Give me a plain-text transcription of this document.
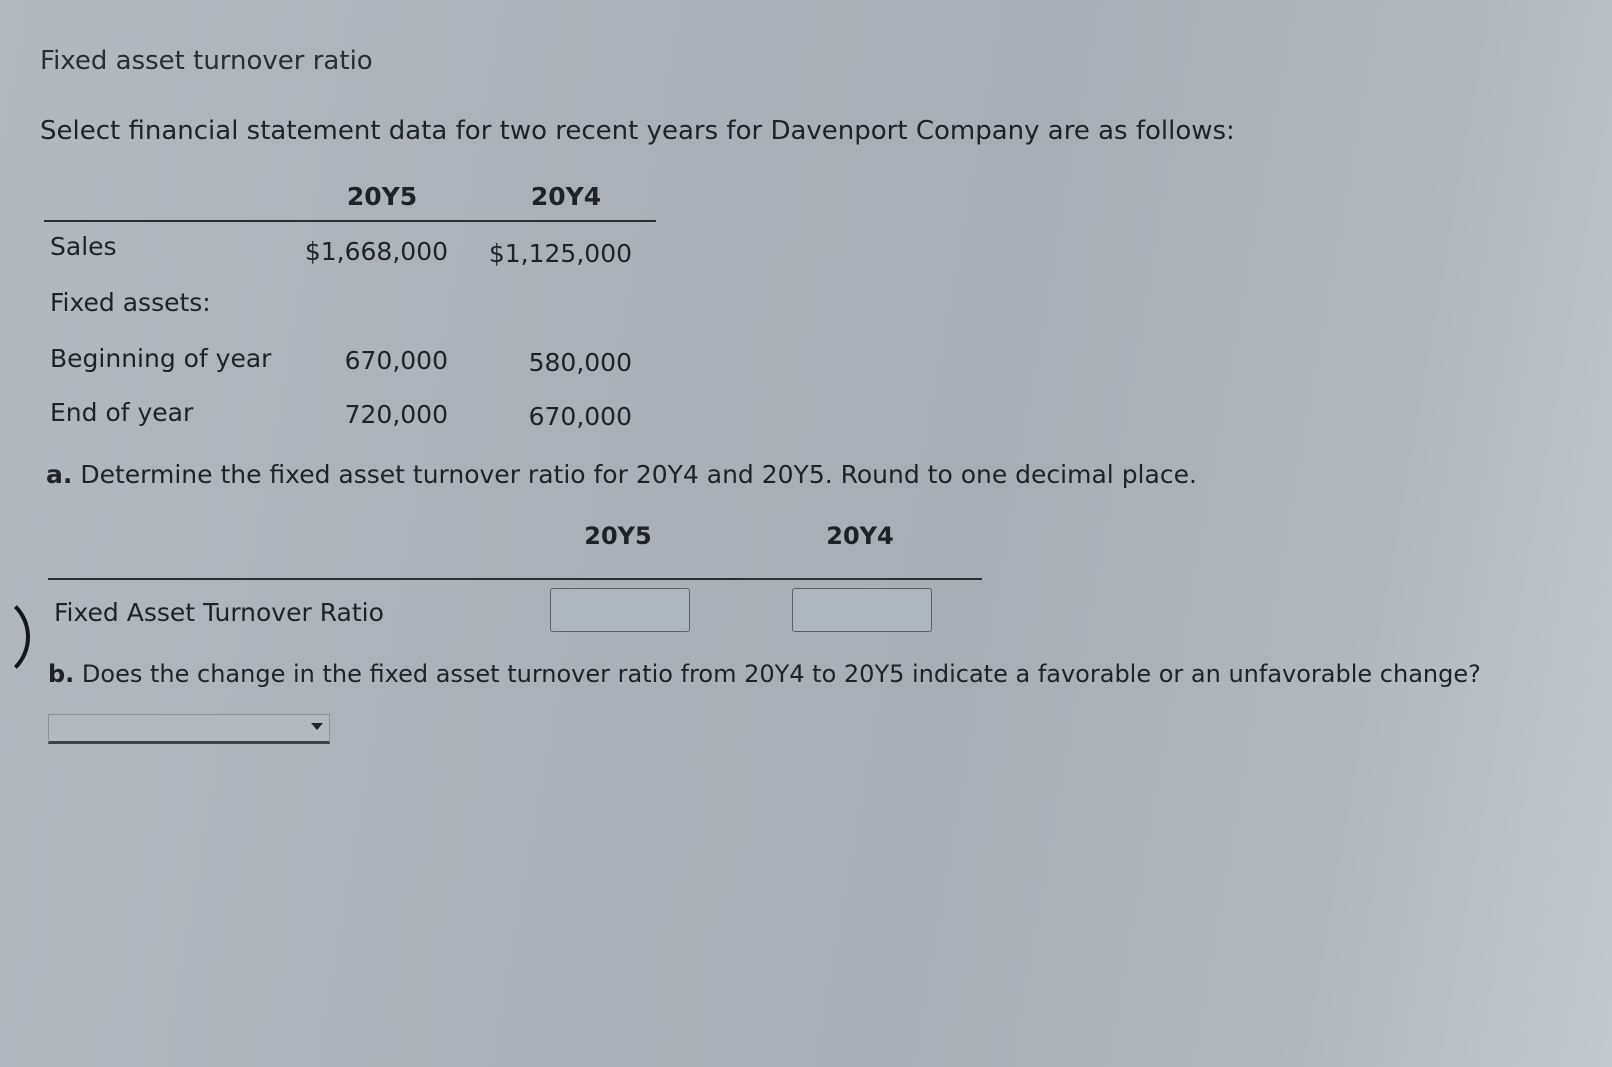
Fixed asset turnover ratio
Select financial statement data for two recent years for Davenport Company are as follows:
20Y5	20Y4
Sales	$1,668,000	$1,125,000
Fixed assets:
Beginning of year	670,000	580,000
End of year	720,000	670,000
a. Determine the fixed asset turnover ratio for 20Y4 and 20Y5. Round to one decimal place.
20Y5	20Y4
Fixed Asset Turnover Ratio
b. Does the change in the fixed asset turnover ratio from 20Y4 to 20Y5 indicate a favorable or an unfavorable change?
